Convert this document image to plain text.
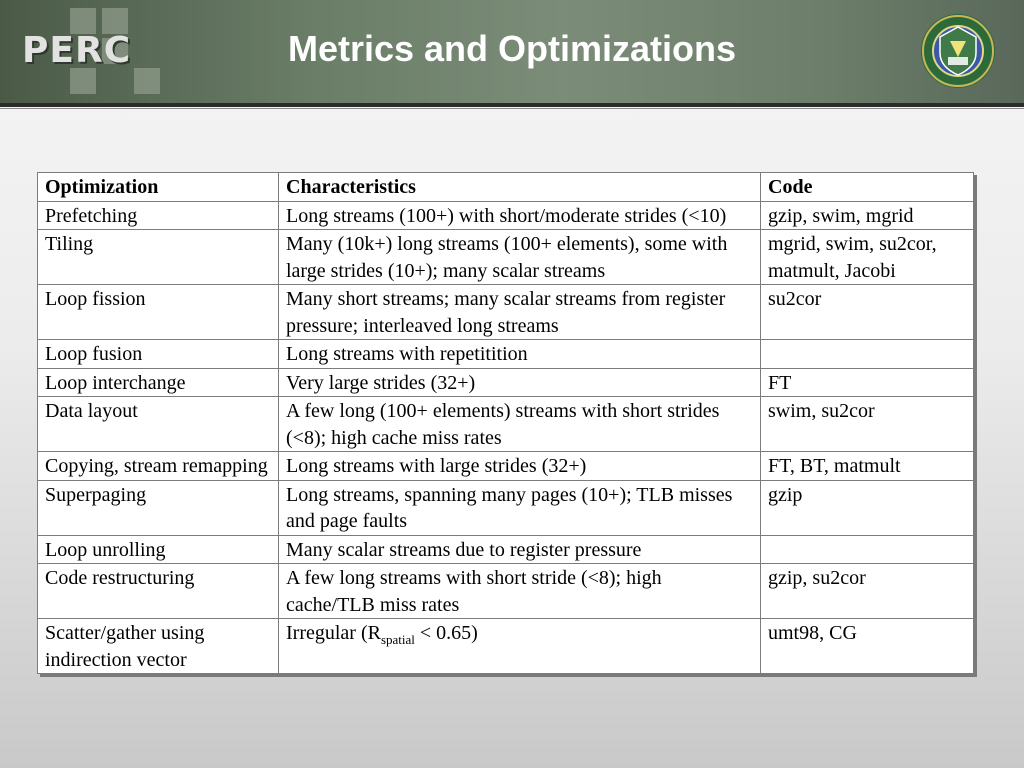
PERC	Metrics and Optimizations
Optimization	Characteristics	Code
Prefetching	Long streams (100+) with short/moderate strides (<10)	gzip, swim, mgrid
Tiling	Many (10k+) long streams (100+ elements), some with large strides (10+); many scalar streams	mgrid, swim, su2cor, matmult, Jacobi
Loop fission	Many short streams; many scalar streams from register pressure; interleaved long streams	su2cor
Loop fusion	Long streams with repetitition	
Loop interchange	Very large strides (32+)	FT
Data layout	A few long (100+ elements) streams with short strides (<8); high cache miss rates	swim, su2cor
Copying, stream remapping	Long streams with large strides (32+)	FT, BT, matmult
Superpaging	Long streams, spanning many pages (10+); TLB misses and page faults	gzip
Loop unrolling	Many scalar streams due to register pressure	
Code restructuring	A few long streams with short stride (<8); high cache/TLB miss rates	gzip, su2cor
Scatter/gather using indirection vector	Irregular $(R_{spatial} < 0.65)$	umt98, CG
